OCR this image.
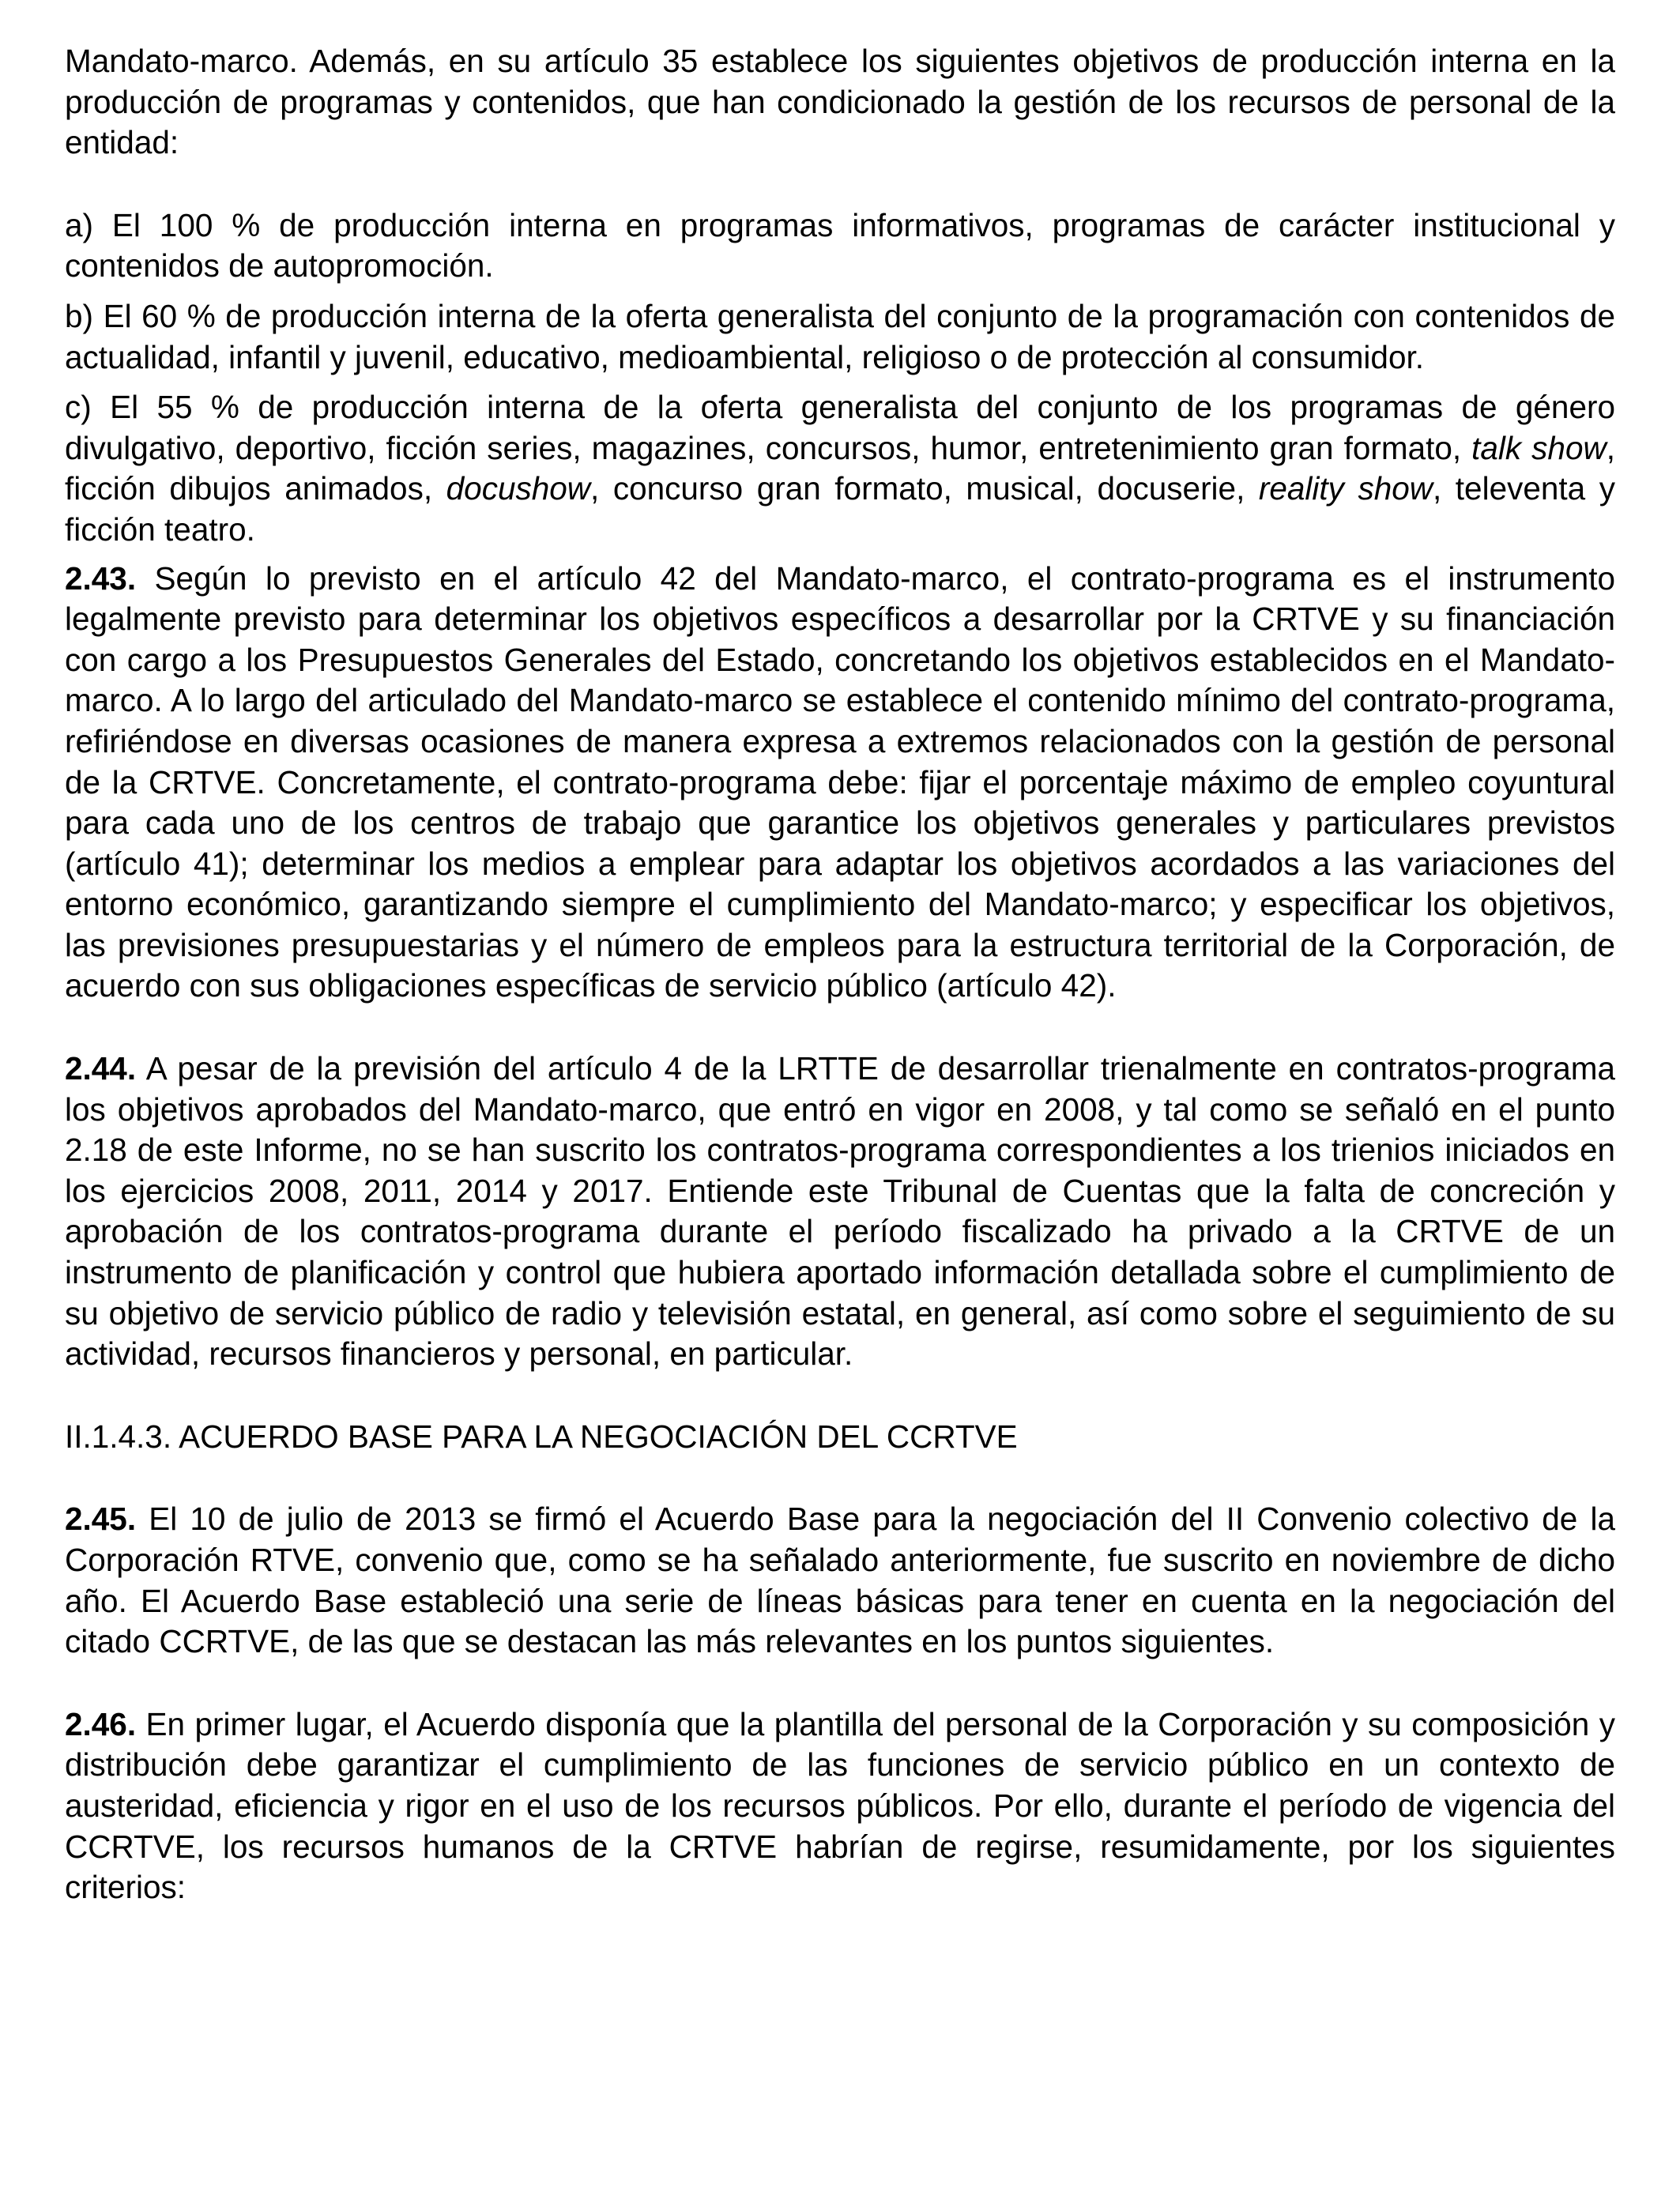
Mandato-marco. Además, en su artículo 35 establece los siguientes objetivos de producción interna en la producción de programas y contenidos, que han condicionado la gestión de los recursos de personal de la entidad:

a) El 100 % de producción interna en programas informativos, programas de carácter institucional y contenidos de autopromoción.

b) El 60 % de producción interna de la oferta generalista del conjunto de la programación con contenidos de actualidad, infantil y juvenil, educativo, medioambiental, religioso o de protección al consumidor.

c) El 55 % de producción interna de la oferta generalista del conjunto de los programas de género divulgativo, deportivo, ficción series, magazines, concursos, humor, entretenimiento gran formato, talk show, ficción dibujos animados, docushow, concurso gran formato, musical, docuserie, reality show, televenta y ficción teatro.

2.43. Según lo previsto en el artículo 42 del Mandato-marco, el contrato-programa es el instrumento legalmente previsto para determinar los objetivos específicos a desarrollar por la CRTVE y su financiación con cargo a los Presupuestos Generales del Estado, concretando los objetivos establecidos en el Mandato-marco. A lo largo del articulado del Mandato-marco se establece el contenido mínimo del contrato-programa, refiriéndose en diversas ocasiones de manera expresa a extremos relacionados con la gestión de personal de la CRTVE. Concretamente, el contrato-programa debe: fijar el porcentaje máximo de empleo coyuntural para cada uno de los centros de trabajo que garantice los objetivos generales y particulares previstos (artículo 41); determinar los medios a emplear para adaptar los objetivos acordados a las variaciones del entorno económico, garantizando siempre el cumplimiento del Mandato-marco; y especificar los objetivos, las previsiones presupuestarias y el número de empleos para la estructura territorial de la Corporación, de acuerdo con sus obligaciones específicas de servicio público (artículo 42).

2.44. A pesar de la previsión del artículo 4 de la LRTTE de desarrollar trienalmente en contratos-programa los objetivos aprobados del Mandato-marco, que entró en vigor en 2008, y tal como se señaló en el punto 2.18 de este Informe, no se han suscrito los contratos-programa correspondientes a los trienios iniciados en los ejercicios 2008, 2011, 2014 y 2017. Entiende este Tribunal de Cuentas que la falta de concreción y aprobación de los contratos-programa durante el período fiscalizado ha privado a la CRTVE de un instrumento de planificación y control que hubiera aportado información detallada sobre el cumplimiento de su objetivo de servicio público de radio y televisión estatal, en general, así como sobre el seguimiento de su actividad, recursos financieros y personal, en particular.

II.1.4.3. ACUERDO BASE PARA LA NEGOCIACIÓN DEL CCRTVE

2.45. El 10 de julio de 2013 se firmó el Acuerdo Base para la negociación del II Convenio colectivo de la Corporación RTVE, convenio que, como se ha señalado anteriormente, fue suscrito en noviembre de dicho año. El Acuerdo Base estableció una serie de líneas básicas para tener en cuenta en la negociación del citado CCRTVE, de las que se destacan las más relevantes en los puntos siguientes.

2.46. En primer lugar, el Acuerdo disponía que la plantilla del personal de la Corporación y su composición y distribución debe garantizar el cumplimiento de las funciones de servicio público en un contexto de austeridad, eficiencia y rigor en el uso de los recursos públicos. Por ello, durante el período de vigencia del CCRTVE, los recursos humanos de la CRTVE habrían de regirse, resumidamente, por los siguientes criterios:
